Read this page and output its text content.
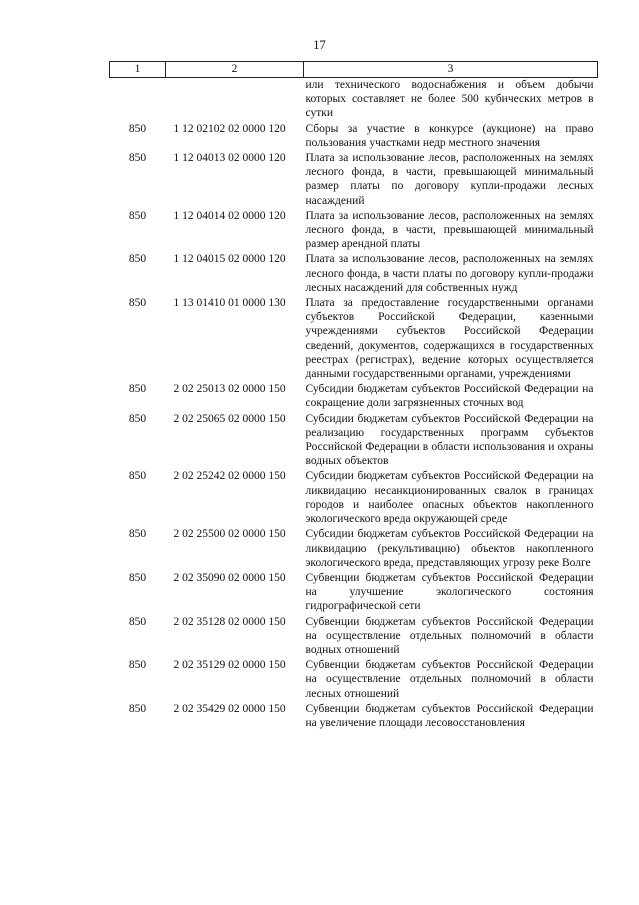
17
1	2	3
		или технического водоснабжения и объем добычи которых составляет не более 500 кубических метров в сутки
850	1 12 02102 02 0000 120	Сборы за участие в конкурсе (аукционе) на право пользования участками недр местного значения
850	1 12 04013 02 0000 120	Плата за использование лесов, расположенных на землях лесного фонда, в части, превышающей минимальный размер платы по договору купли-продажи лесных насаждений
850	1 12 04014 02 0000 120	Плата за использование лесов, расположенных на землях лесного фонда, в части, превышающей минимальный размер арендной платы
850	1 12 04015 02 0000 120	Плата за использование лесов, расположенных на землях лесного фонда, в части платы по договору купли-продажи лесных насаждений для собственных нужд
850	1 13 01410 01 0000 130	Плата за предоставление государственными органами субъектов Российской Федерации, казенными учреждениями субъектов Российской Федерации сведений, документов, содержащихся в государственных реестрах (регистрах), ведение которых осуществляется данными государственными органами, учреждениями
850	2 02 25013 02 0000 150	Субсидии бюджетам субъектов Российской Федерации на сокращение доли загрязненных сточных вод
850	2 02 25065 02 0000 150	Субсидии бюджетам субъектов Российской Федерации на реализацию государственных программ субъектов Российской Федерации в области использования и охраны водных объектов
850	2 02 25242 02 0000 150	Субсидии бюджетам субъектов Российской Федерации на ликвидацию несанкционированных свалок в границах городов и наиболее опасных объектов накопленного экологического вреда окружающей среде
850	2 02 25500 02 0000 150	Субсидии бюджетам субъектов Российской Федерации на ликвидацию (рекультивацию) объектов накопленного экологического вреда, представляющих угрозу реке Волге
850	2 02 35090 02 0000 150	Субвенции бюджетам субъектов Российской Федерации на улучшение экологического состояния гидрографической сети
850	2 02 35128 02 0000 150	Субвенции бюджетам субъектов Российской Федерации на осуществление отдельных полномочий в области водных отношений
850	2 02 35129 02 0000 150	Субвенции бюджетам субъектов Российской Федерации на осуществление отдельных полномочий в области лесных отношений
850	2 02 35429 02 0000 150	Субвенции бюджетам субъектов Российской Федерации на увеличение площади лесовосстановления
